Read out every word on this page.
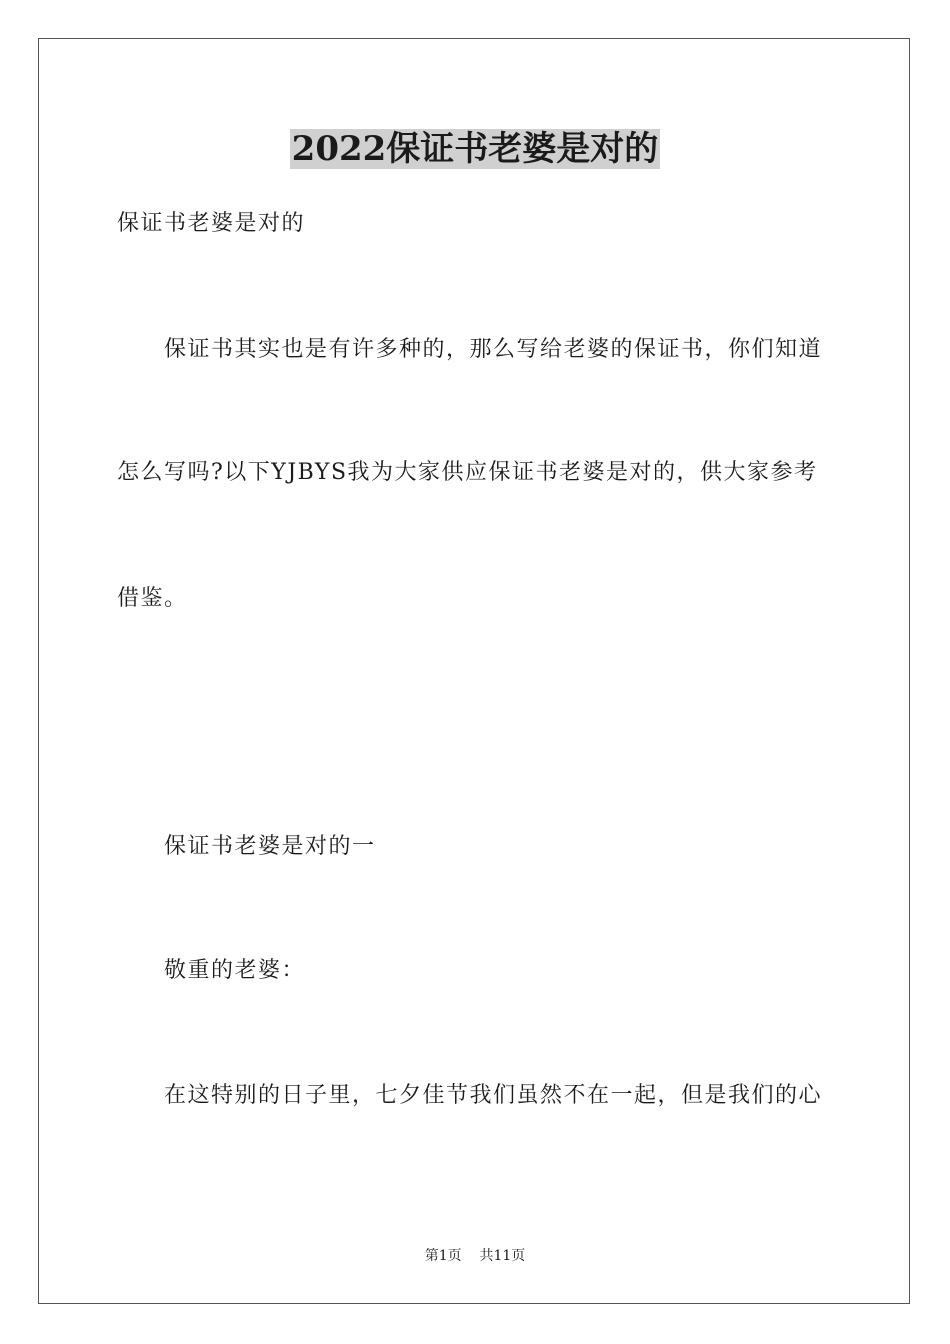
2022保证书老婆是对的
保证书老婆是对的
保证书其实也是有许多种的，那么写给老婆的保证书，你们知道
怎么写吗?以下YJBYS我为大家供应保证书老婆是对的，供大家参考
借鉴。
保证书老婆是对的一
敬重的老婆：
在这特别的日子里，七夕佳节我们虽然不在一起，但是我们的心
第1页    共11页
